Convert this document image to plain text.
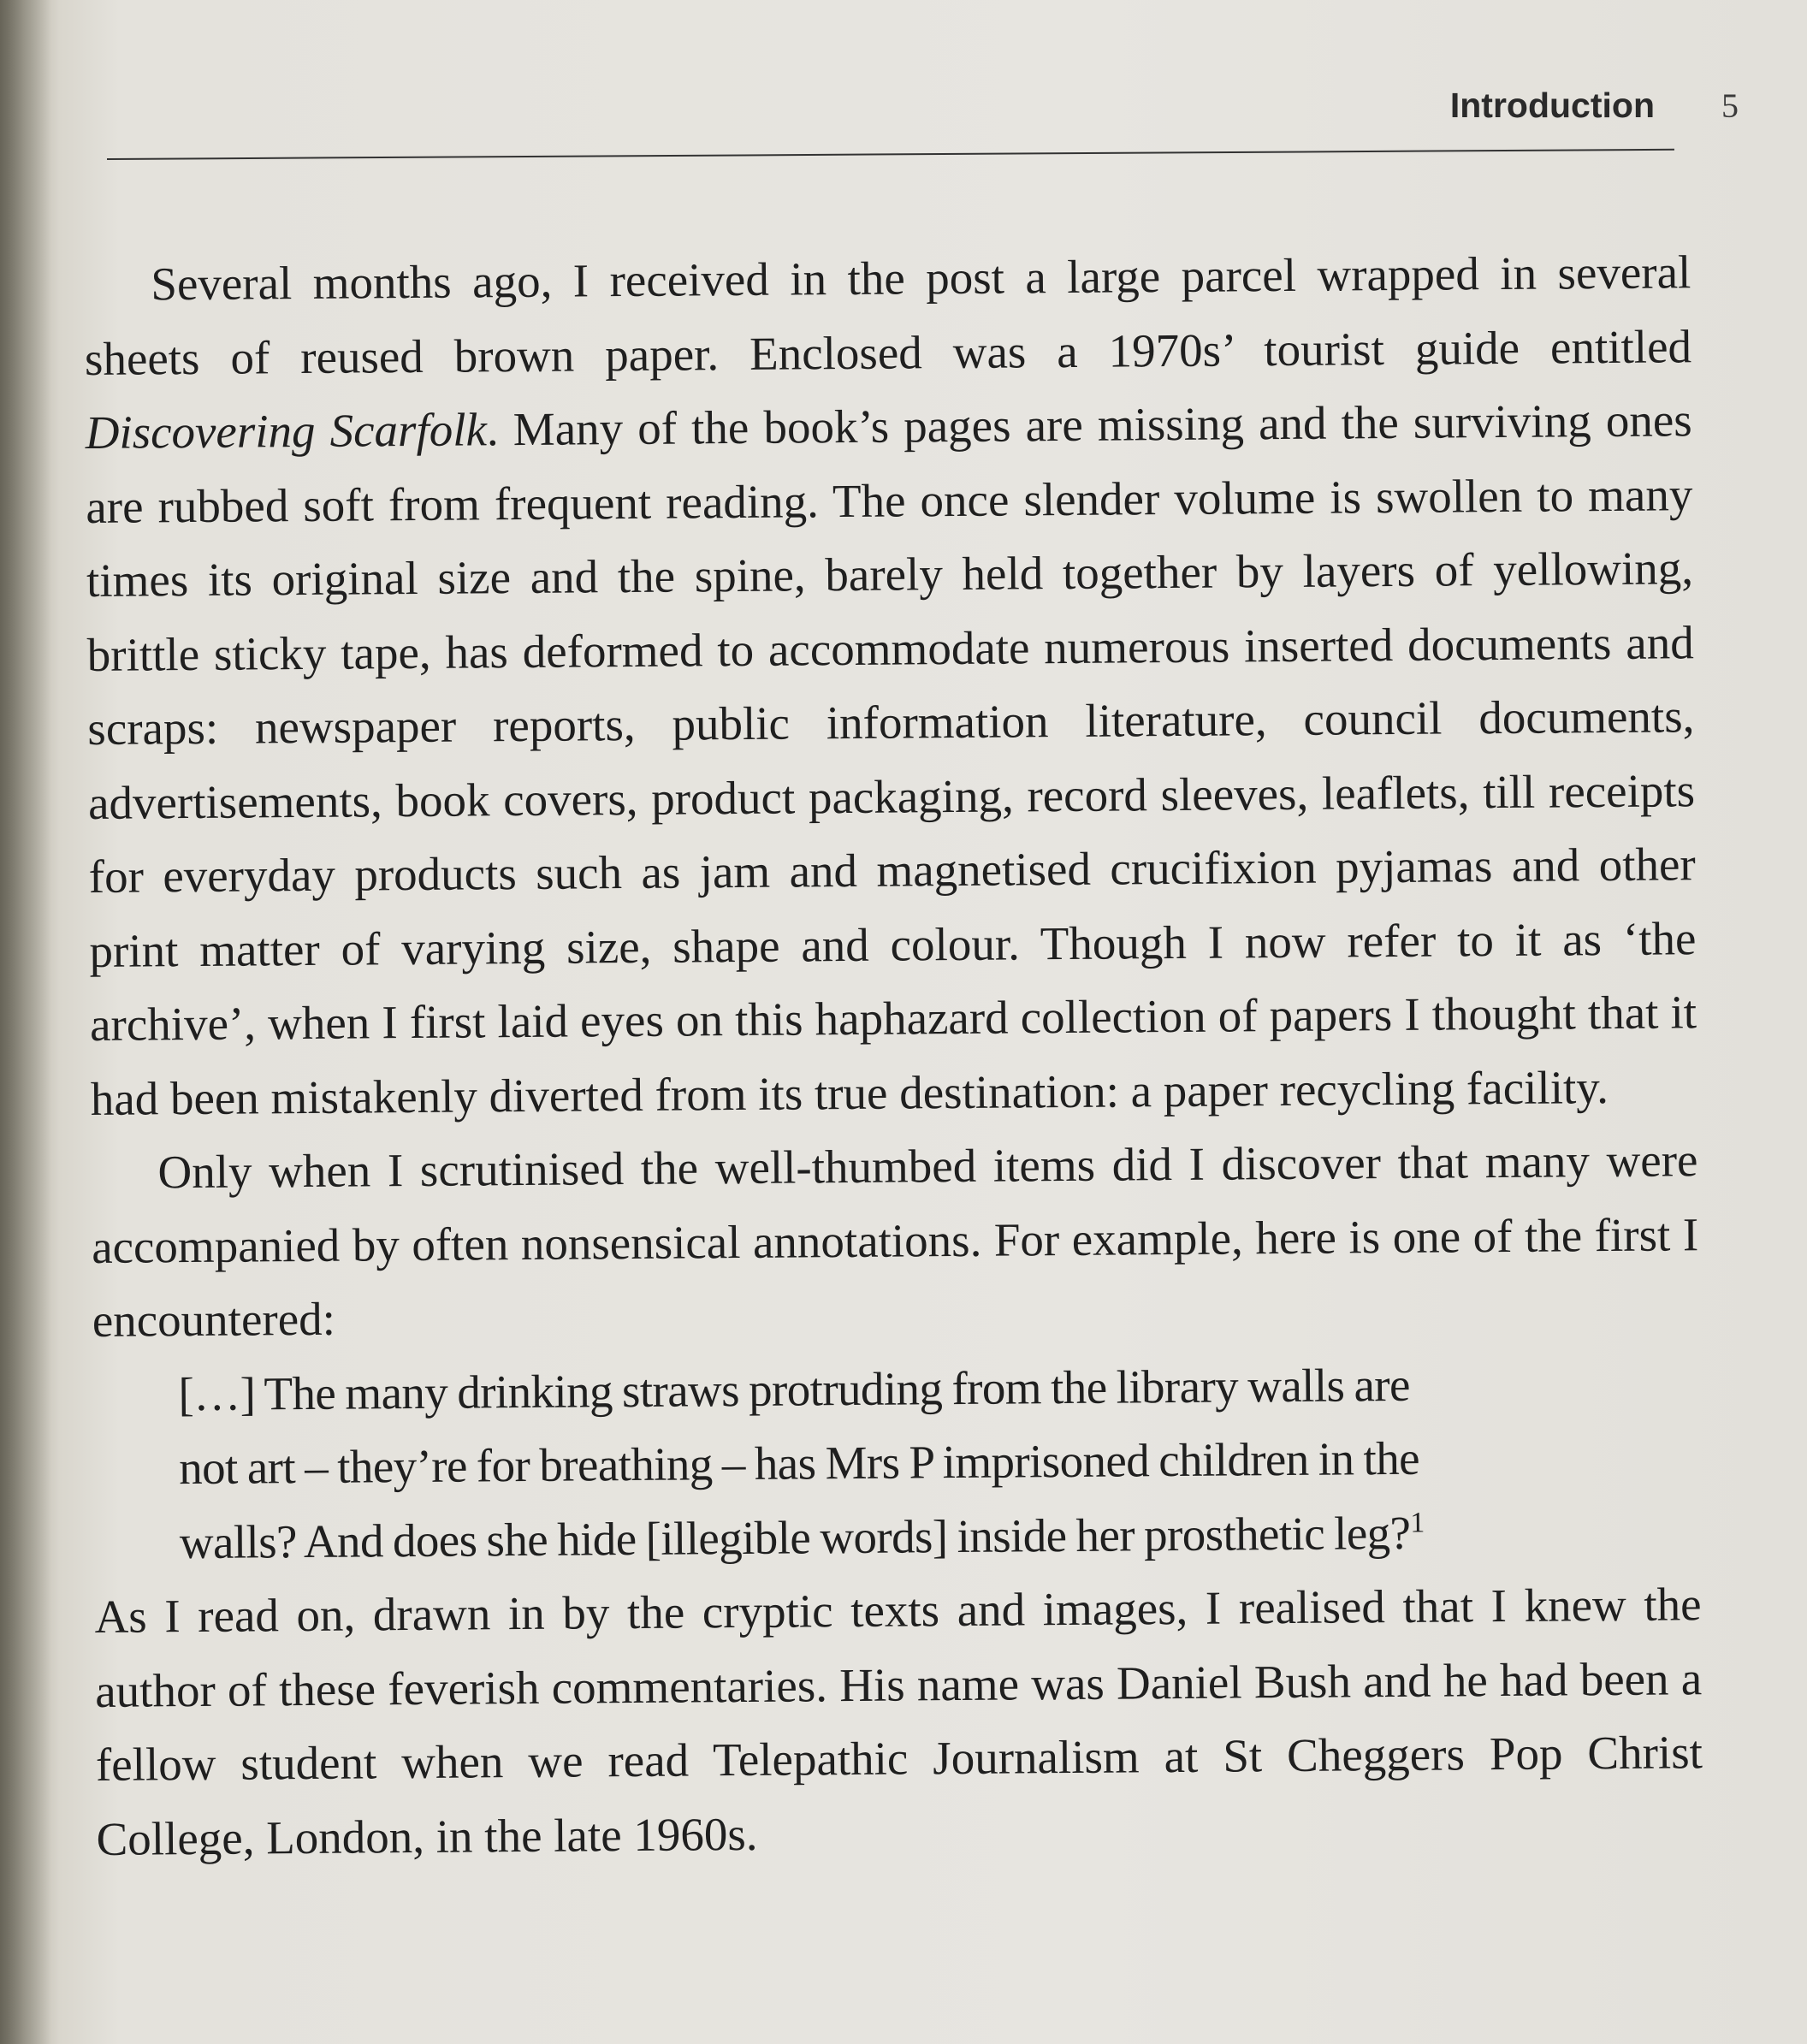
Introduction 5

Several months ago, I received in the post a large parcel wrapped in several sheets of reused brown paper. Enclosed was a 1970s’ tourist guide entitled Discovering Scarfolk. Many of the book’s pages are missing and the surviving ones are rubbed soft from frequent reading. The once slender volume is swollen to many times its original size and the spine, barely held together by layers of yellowing, brittle sticky tape, has deformed to accommodate numerous inserted documents and scraps: newspaper reports, public information literature, council documents, advertisements, book covers, product packaging, record sleeves, leaflets, till receipts for everyday products such as jam and magnetised crucifixion pyjamas and other print matter of varying size, shape and colour. Though I now refer to it as ‘the archive’, when I first laid eyes on this haphazard collection of papers I thought that it had been mistakenly diverted from its true destination: a paper recycling facility.

Only when I scrutinised the well-thumbed items did I discover that many were accompanied by often nonsensical annotations. For example, here is one of the first I encountered:

[…] The many drinking straws protruding from the library walls are
not art – they’re for breathing – has Mrs P imprisoned children in the
walls? And does she hide [illegible words] inside her prosthetic leg?$^1$

As I read on, drawn in by the cryptic texts and images, I realised that I knew the author of these feverish commentaries. His name was Daniel Bush and he had been a fellow student when we read Telepathic Journalism at St Cheggers Pop Christ College, London, in the late 1960s.
